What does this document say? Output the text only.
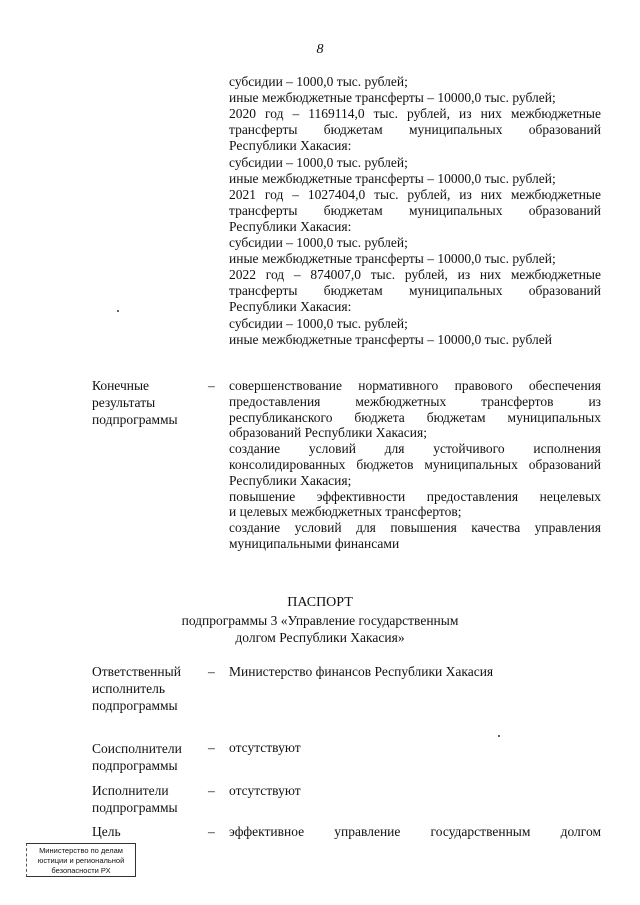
8
субсидии – 1000,0 тыс. рублей;
иные межбюджетные трансферты – 10000,0 тыс. рублей;
2020 год – 1169114,0 тыс. рублей, из них межбюджетные
трансферты бюджетам муниципальных образований
Республики Хакасия:
субсидии – 1000,0 тыс. рублей;
иные межбюджетные трансферты – 10000,0 тыс. рублей;
2021 год – 1027404,0 тыс. рублей, из них межбюджетные
трансферты бюджетам муниципальных образований
Республики Хакасия:
субсидии – 1000,0 тыс. рублей;
иные межбюджетные трансферты – 10000,0 тыс. рублей;
2022 год – 874007,0 тыс. рублей, из них межбюджетные
трансферты бюджетам муниципальных образований
Республики Хакасия:
субсидии – 1000,0 тыс. рублей;
иные межбюджетные трансферты – 10000,0 тыс. рублей
Конечные
результаты
подпрограммы
– совершенствование нормативного правового обеспечения
предоставления межбюджетных трансфертов из
республиканского бюджета бюджетам муниципальных
образований Республики Хакасия;
создание условий для устойчивого исполнения
консолидированных бюджетов муниципальных образований
Республики Хакасия;
повышение эффективности предоставления нецелевых
и целевых межбюджетных трансфертов;
создание условий для повышения качества управления
муниципальными финансами
ПАСПОРТ
подпрограммы 3 «Управление государственным
долгом Республики Хакасия»
Ответственный
исполнитель
подпрограммы
– Министерство финансов Республики Хакасия
Соисполнители
подпрограммы
– отсутствуют
Исполнители
подпрограммы
– отсутствуют
Цель	– эффективное управление государственным долгом
Министерство по делам
юстиции и региональной
безопасности РХ
